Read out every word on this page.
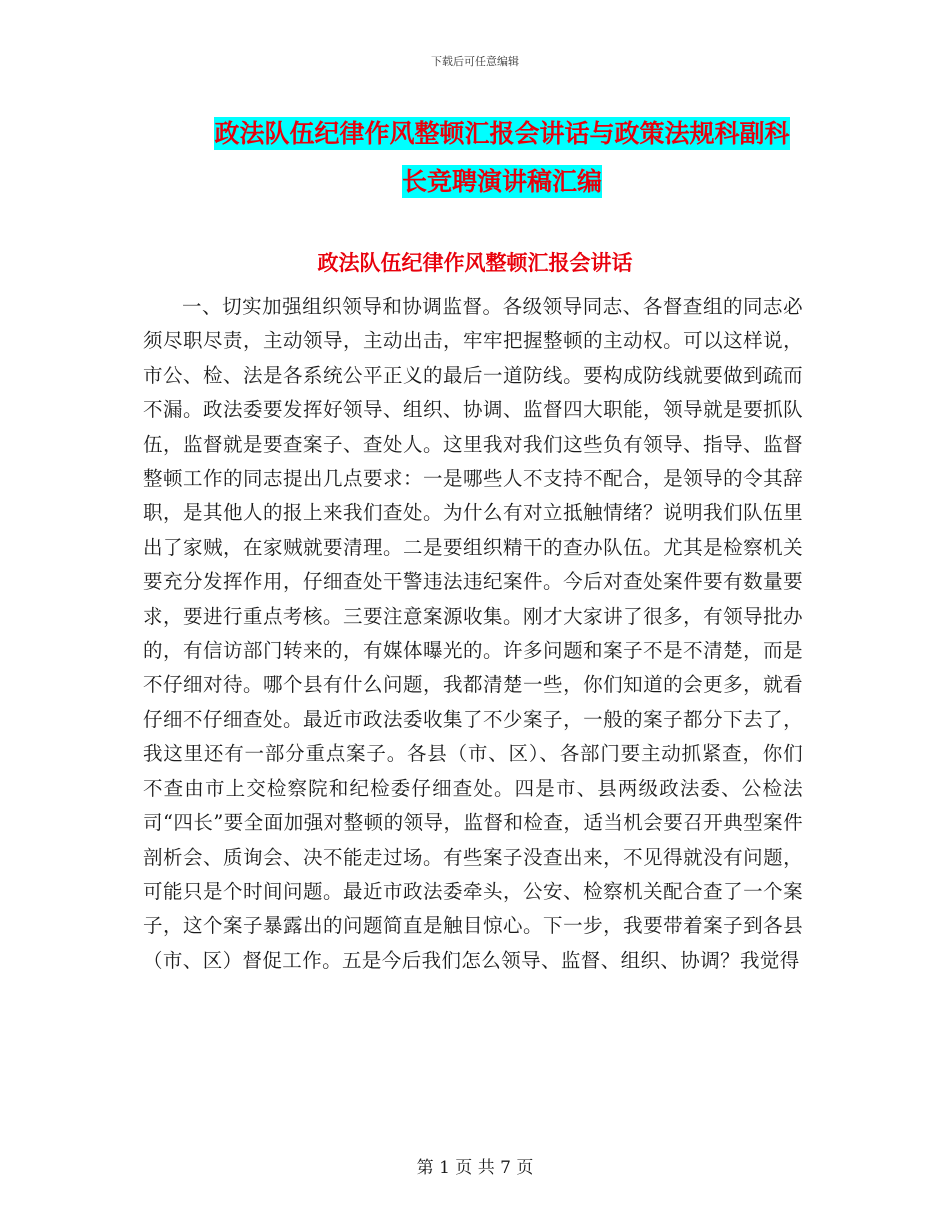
下载后可任意编辑
政法队伍纪律作风整顿汇报会讲话与政策法规科副科
长竞聘演讲稿汇编
政法队伍纪律作风整顿汇报会讲话

一、切实加强组织领导和协调监督。各级领导同志、各督查组的同志必须尽职尽责，主动领导，主动出击，牢牢把握整顿的主动权。可以这样说，市公、检、法是各系统公平正义的最后一道防线。要构成防线就要做到疏而不漏。政法委要发挥好领导、组织、协调、监督四大职能，领导就是要抓队伍，监督就是要查案子、查处人。这里我对我们这些负有领导、指导、监督整顿工作的同志提出几点要求：一是哪些人不支持不配合，是领导的令其辞职，是其他人的报上来我们查处。为什么有对立抵触情绪？说明我们队伍里出了家贼，在家贼就要清理。二是要组织精干的查办队伍。尤其是检察机关要充分发挥作用，仔细查处干警违法违纪案件。今后对查处案件要有数量要求，要进行重点考核。三要注意案源收集。刚才大家讲了很多，有领导批办的，有信访部门转来的，有媒体曝光的。许多问题和案子不是不清楚，而是不仔细对待。哪个县有什么问题，我都清楚一些，你们知道的会更多，就看仔细不仔细查处。最近市政法委收集了不少案子，一般的案子都分下去了，我这里还有一部分重点案子。各县（市、区）、各部门要主动抓紧查，你们不查由市上交检察院和纪检委仔细查处。四是市、县两级政法委、公检法司“四长”要全面加强对整顿的领导，监督和检查，适当机会要召开典型案件剖析会、质询会、决不能走过场。有些案子没查出来，不见得就没有问题，可能只是个时间问题。最近市政法委牵头，公安、检察机关配合查了一个案子，这个案子暴露出的问题简直是触目惊心。下一步，我要带着案子到各县（市、区）督促工作。五是今后我们怎么领导、监督、组织、协调？我觉得

第 1 页 共 7 页
